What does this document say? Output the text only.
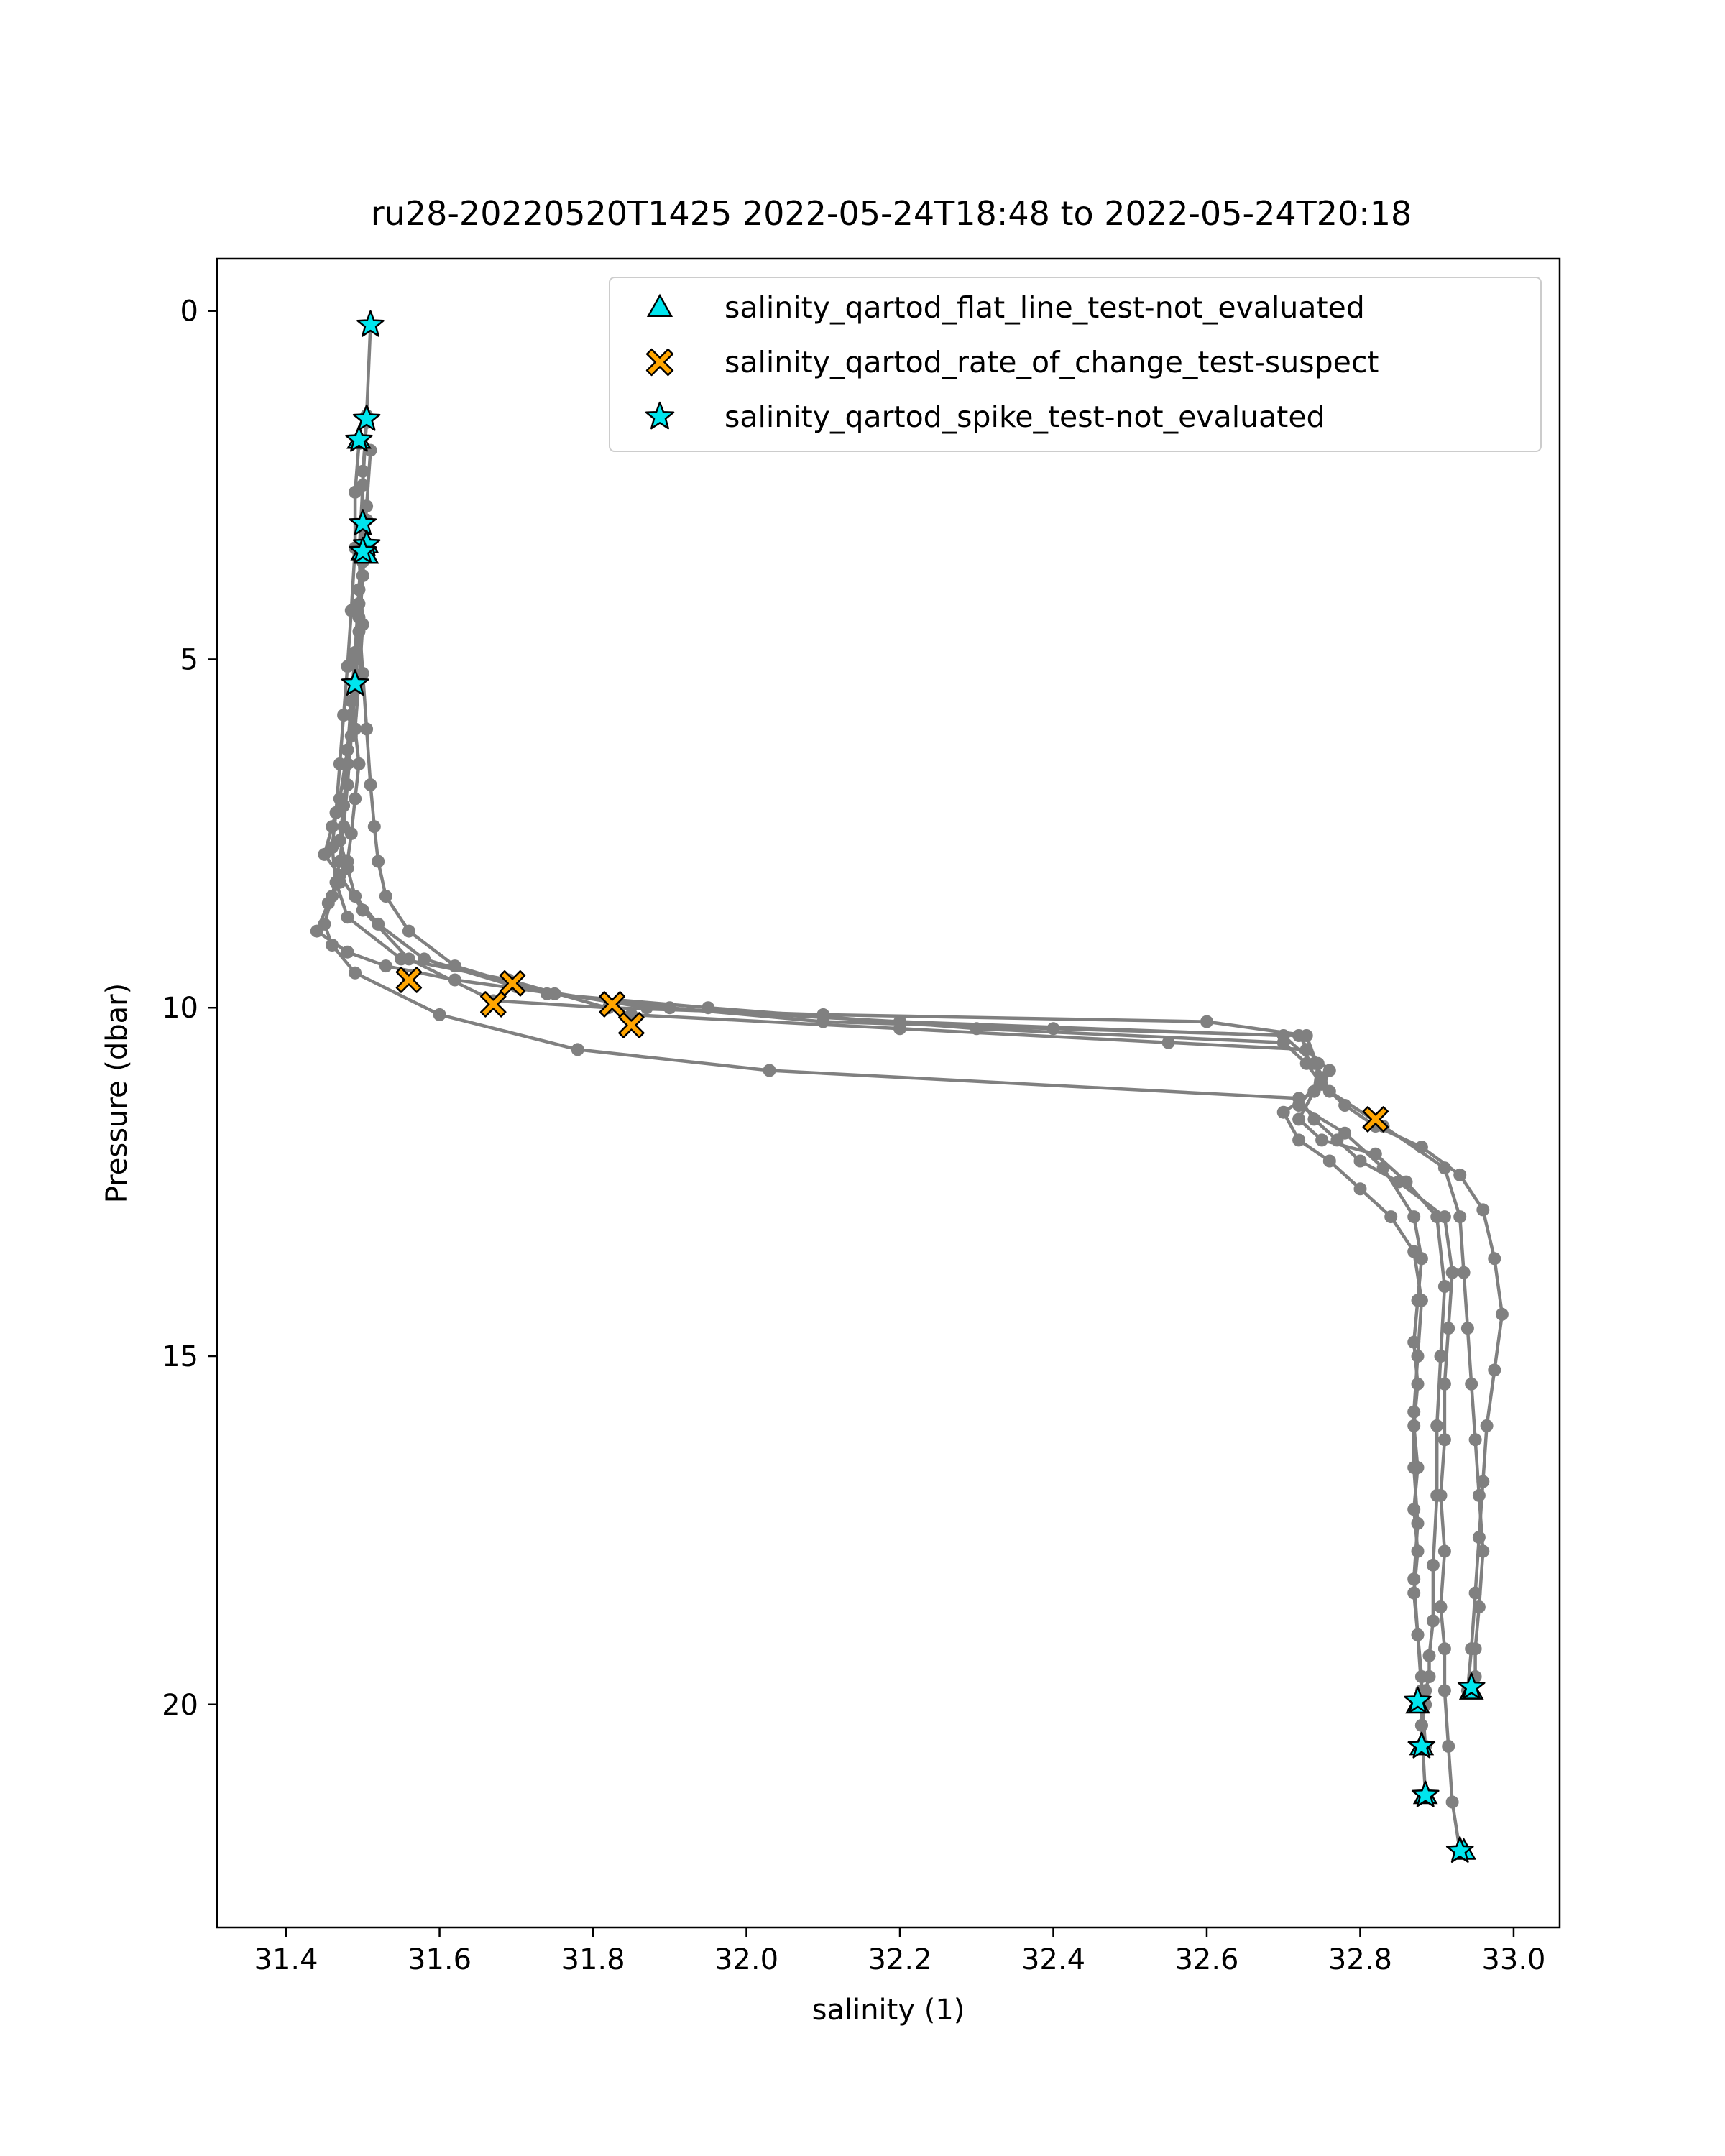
ru28-20220520T1425 2022-05-24T18:48 to 2022-05-24T20:18
31.4	31.6	31.8	32.0	32.2	32.4	32.6	32.8	33.0
0
5
10
15
20
salinity (1)
Pressure (dbar)
salinity_qartod_flat_line_test-not_evaluated
salinity_qartod_rate_of_change_test-suspect
salinity_qartod_spike_test-not_evaluated
